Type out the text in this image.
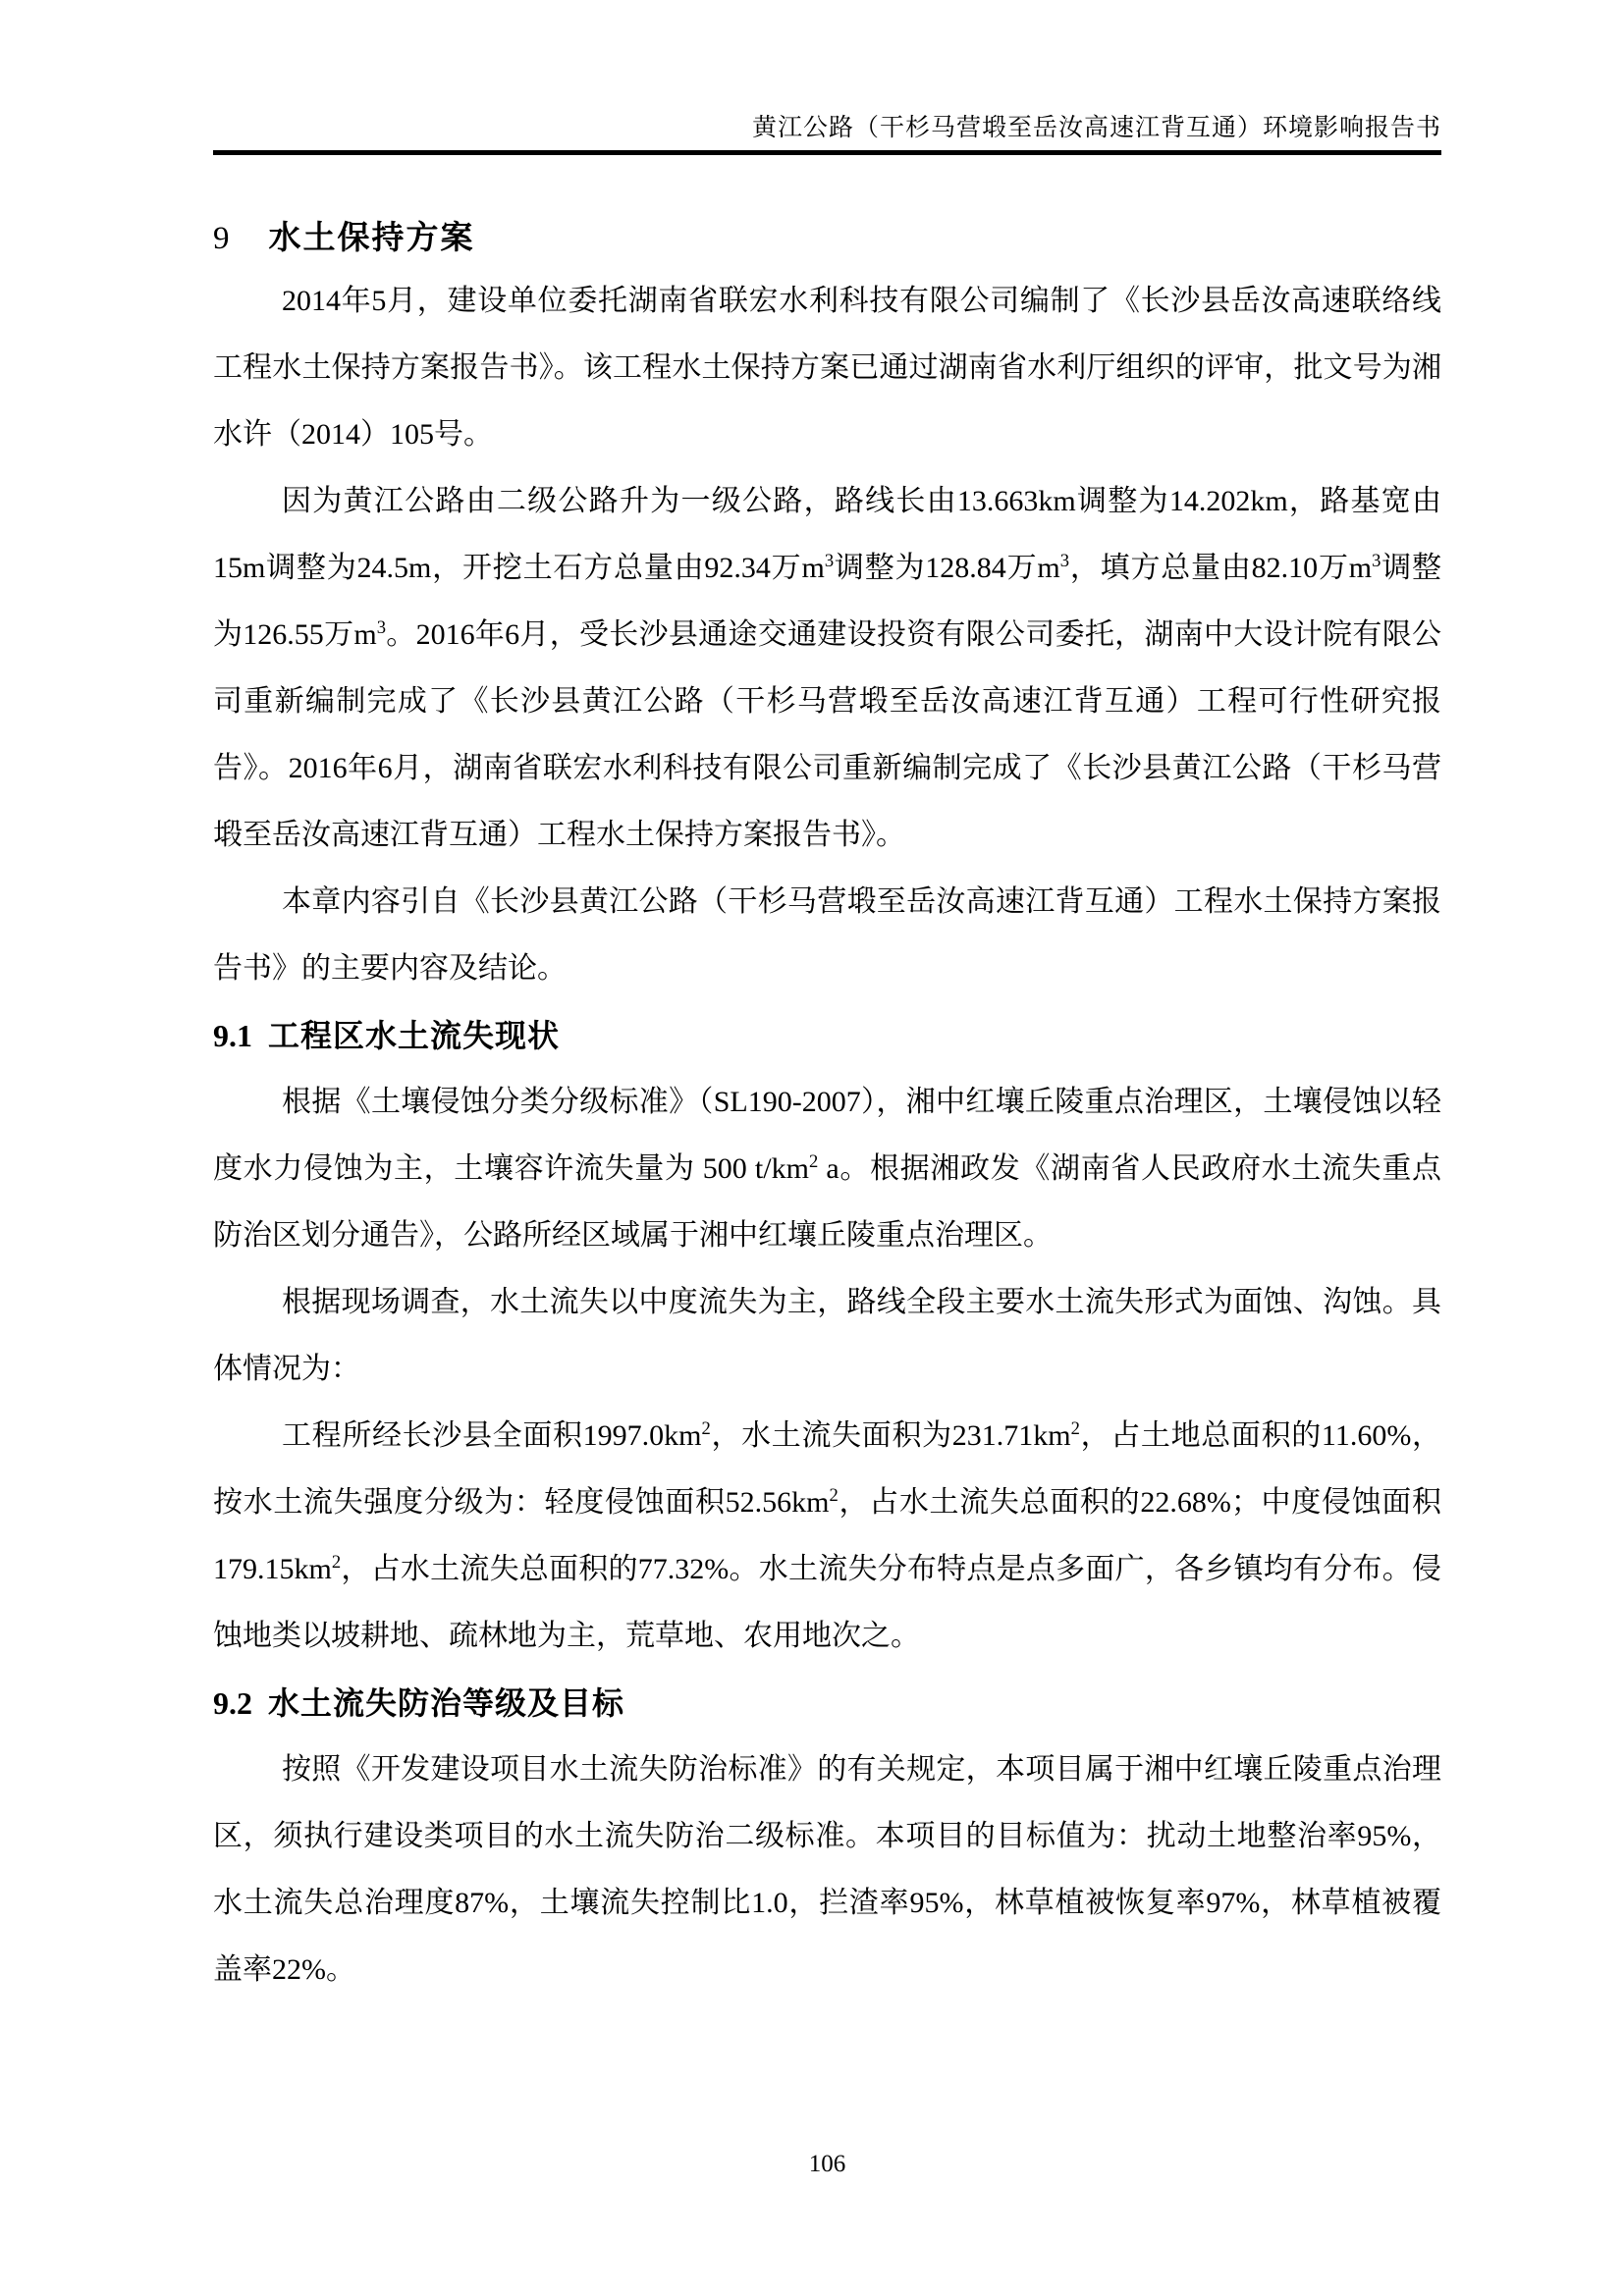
黄江公路（干杉马营塅至岳汝高速江背互通）环境影响报告书
9 水土保持方案

2014年5月，建设单位委托湖南省联宏水利科技有限公司编制了《长沙县岳汝高速联络线工程水土保持方案报告书》。该工程水土保持方案已通过湖南省水利厅组织的评审，批文号为湘水许（2014）105号。

因为黄江公路由二级公路升为一级公路，路线长由13.663km调整为14.202km，路基宽由15m调整为24.5m，开挖土石方总量由92.34万$m^3$调整为128.84万$m^3$，填方总量由82.10万$m^3$调整为126.55万$m^3$。2016年6月，受长沙县通途交通建设投资有限公司委托，湖南中大设计院有限公司重新编制完成了《长沙县黄江公路（干杉马营塅至岳汝高速江背互通）工程可行性研究报告》。2016年6月，湖南省联宏水利科技有限公司重新编制完成了《长沙县黄江公路（干杉马营塅至岳汝高速江背互通）工程水土保持方案报告书》。

本章内容引自《长沙县黄江公路（干杉马营塅至岳汝高速江背互通）工程水土保持方案报告书》的主要内容及结论。

9.1 工程区水土流失现状

根据《土壤侵蚀分类分级标准》（SL190-2007），湘中红壤丘陵重点治理区，土壤侵蚀以轻度水力侵蚀为主，土壤容许流失量为 500 $t/km^2$ a。根据湘政发《湖南省人民政府水土流失重点防治区划分通告》，公路所经区域属于湘中红壤丘陵重点治理区。

根据现场调查，水土流失以中度流失为主，路线全段主要水土流失形式为面蚀、沟蚀。具体情况为：

工程所经长沙县全面积$1997.0km^2$，水土流失面积为$231.71km^2$，占土地总面积的11.60%，按水土流失强度分级为：轻度侵蚀面积$52.56km^2$，占水土流失总面积的22.68%；中度侵蚀面积$179.15km^2$，占水土流失总面积的77.32%。水土流失分布特点是点多面广，各乡镇均有分布。侵蚀地类以坡耕地、疏林地为主，荒草地、农用地次之。

9.2 水土流失防治等级及目标

按照《开发建设项目水土流失防治标准》的有关规定，本项目属于湘中红壤丘陵重点治理区，须执行建设类项目的水土流失防治二级标准。本项目的目标值为：扰动土地整治率95%，水土流失总治理度87%，土壤流失控制比1.0，拦渣率95%，林草植被恢复率97%，林草植被覆盖率22%。

106
